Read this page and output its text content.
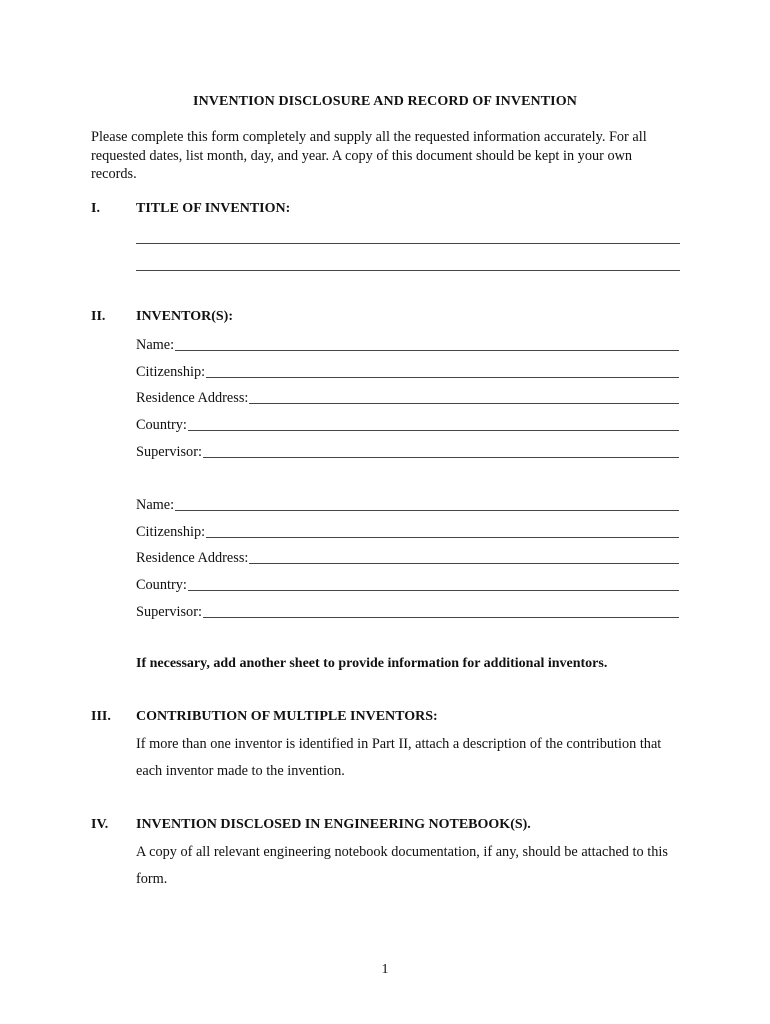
INVENTION DISCLOSURE AND RECORD OF INVENTION
Please complete this form completely and supply all the requested information accurately. For all requested dates, list month, day, and year. A copy of this document should be kept in your own records.
I.	TITLE OF INVENTION:
II. INVENTOR(S):
Name:
Citizenship:
Residence Address:
Country:
Supervisor:
Name:
Citizenship:
Residence Address:
Country:
Supervisor:
If necessary, add another sheet to provide information for additional inventors.
III. CONTRIBUTION OF MULTIPLE INVENTORS:
If more than one inventor is identified in Part II, attach a description of the contribution that each inventor made to the invention.
IV. INVENTION DISCLOSED IN ENGINEERING NOTEBOOK(S).
A copy of all relevant engineering notebook documentation, if any, should be attached to this form.
1
